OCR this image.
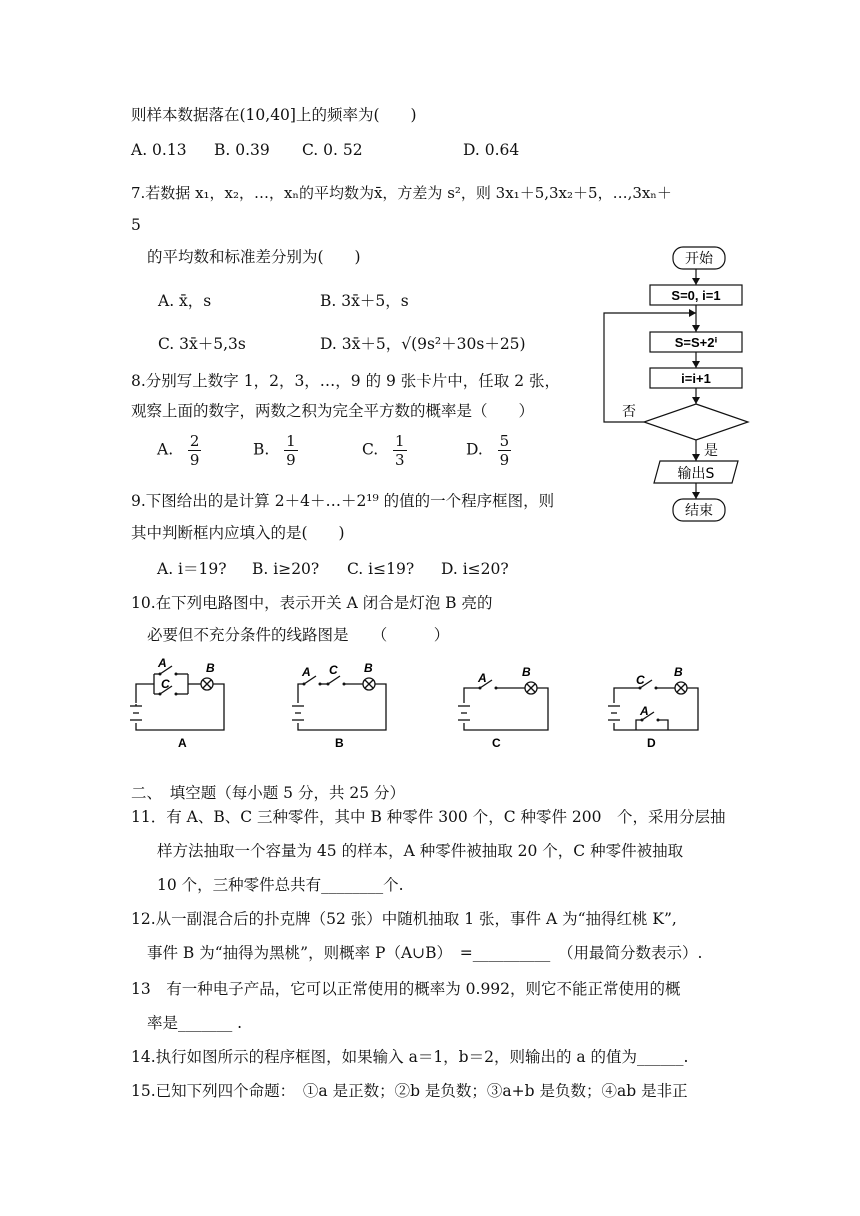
则样本数据落在(10,40]上的频率为(　　)
A. 0.13 B. 0.39 C. 0. 52	D. 0.64
7.若数据 x₁，x₂，…，xₙ的平均数为x̄，方差为 s²，则 3x₁＋5,3x₂＋5，…,3xₙ＋
5
的平均数和标准差分别为(　　)
A. x̄，s	B. 3x̄＋5，s
C. 3x̄＋5,3s	D. 3x̄＋5，√(9s²＋30s＋25)
8.分别写上数字 1，2，3，…，9 的 9 张卡片中，任取 2 张，
观察上面的数字，两数之积为完全平方数的概率是（　　）
A. $\frac{2}{9}$	B. $\frac{1}{9}$	C. $\frac{1}{3}$	D. $\frac{5}{9}$
9.下图给出的是计算 2＋4＋…＋2¹⁹ 的值的一个程序框图，则
其中判断框内应填入的是(　　)
A. i＝19? B. i≥20? C. i≤19? D. i≤20?
开始
S=0, i=1
S=S+2ⁱ
i=i+1
否
是
输出S
结束
10.在下列电路图中，表示开关 A 闭合是灯泡 B 亮的
必要但不充分条件的线路图是　　（　　　）
A
C
B
A
A C B
B
A	B
C
C
A
B
D
二、　填空题（每小题 5 分，共 25 分）
11．有 A、B、C 三种零件，其中 B 种零件 300 个，C 种零件 200　个，采用分层抽
样方法抽取一个容量为 45 的样本，A 种零件被抽取 20 个，C 种零件被抽取
10 个，三种零件总共有________个.
12.从一副混合后的扑克牌（52 张）中随机抽取 1 张，事件 A 为“抽得红桃 K”,
事件 B 为“抽得为黑桃”，则概率 P（A∪B）　=__________　（用最简分数表示）.
13　有一种电子产品，它可以正常使用的概率为 0.992，则它不能正常使用的概
率是_______ .
14.执行如图所示的程序框图，如果输入 a＝1，b＝2，则输出的 a 的值为______.
15.已知下列四个命题：　①a 是正数；②b 是负数；③a+b 是负数；④ab 是非正
